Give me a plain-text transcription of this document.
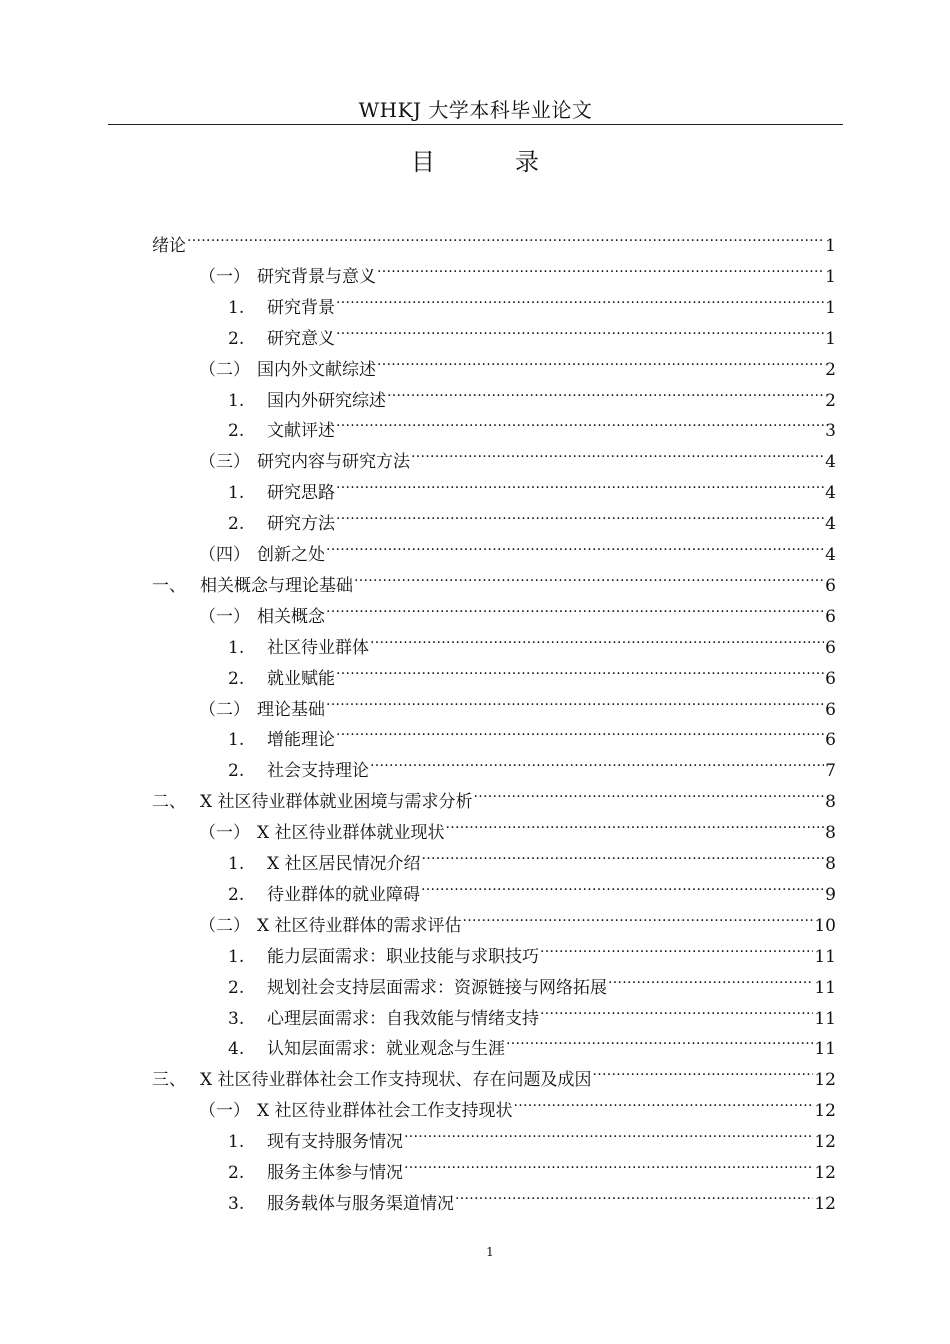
WHKJ 大学本科毕业论文
目　录
绪论 .....	1
（一） 研究背景与意义 .....	1
1.	研究背景 .....	1
2.	研究意义 .....	1
（二） 国内外文献综述 .....	2
1.	国内外研究综述 .....	2
2.	文献评述 .....	3
（三） 研究内容与研究方法 .....	4
1.	研究思路 .....	4
2.	研究方法 .....	4
（四） 创新之处 .....	4
一、 相关概念与理论基础 .....	6
（一） 相关概念 .....	6
1.	社区待业群体 .....	6
2.	就业赋能 .....	6
（二） 理论基础 .....	6
1.	增能理论 .....	6
2.	社会支持理论 .....	7
二、 X 社区待业群体就业困境与需求分析 .....	8
（一） X 社区待业群体就业现状 .....	8
1.	X 社区居民情况介绍 .....	8
2.	待业群体的就业障碍 .....	9
（二） X 社区待业群体的需求评估 .....	10
1.	能力层面需求：职业技能与求职技巧 .....	11
2.	规划社会支持层面需求：资源链接与网络拓展 .....	11
3.	心理层面需求：自我效能与情绪支持 .....	11
4.	认知层面需求：就业观念与生涯 .....	11
三、 X 社区待业群体社会工作支持现状、存在问题及成因 .....	12
（一） X 社区待业群体社会工作支持现状 .....	12
1.	现有支持服务情况 .....	12
2.	服务主体参与情况 .....	12
3.	服务载体与服务渠道情况 .....	12
1
